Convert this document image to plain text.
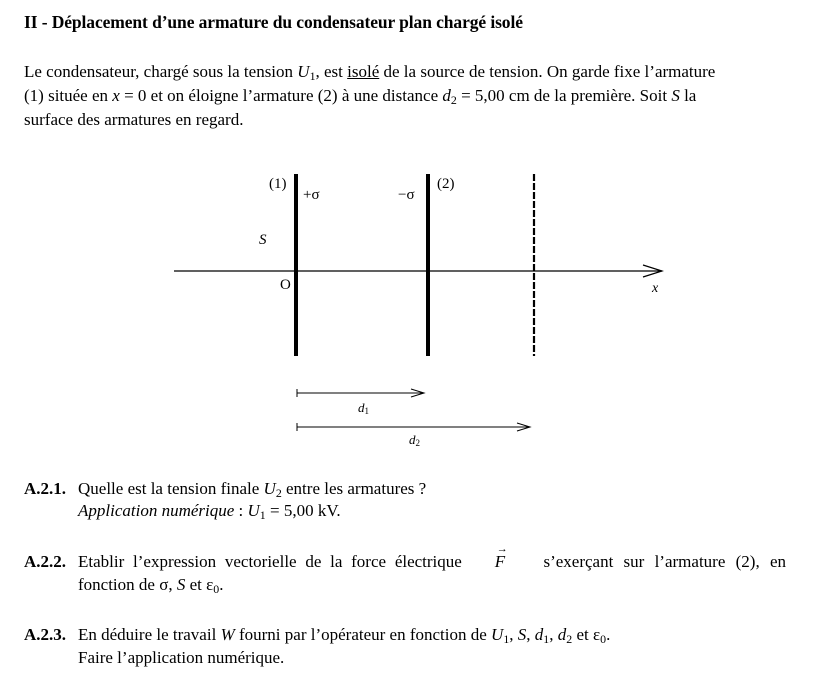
II - Déplacement d’une armature du condensateur plan chargé isolé
Le condensateur, chargé sous la tension $U_1$, est isolé de la source de tension. On garde fixe l’armature
(1) située en x = 0 et on éloigne l’armature (2) à une distance $d_2 = 5,00$ cm de la première. Soit S la
surface des armatures en regard.
(1)	(2)
+σ	−σ
S
O	x
d1
d2
A.2.1. Quelle est la tension finale $U_2$ entre les armatures ?
Application numérique : $U_1 = 5,00$ kV.
A.2.2. Etablir l’expression vectorielle de la force électrique
→
F s’exerçant sur l’armature (2), en
fonction de σ, S et $\varepsilon_0$.
A.2.3. En déduire le travail W fourni par l’opérateur en fonction de $U_1$, S, $d_1$, $d_2$ et $\varepsilon_0$.
Faire l’application numérique.
